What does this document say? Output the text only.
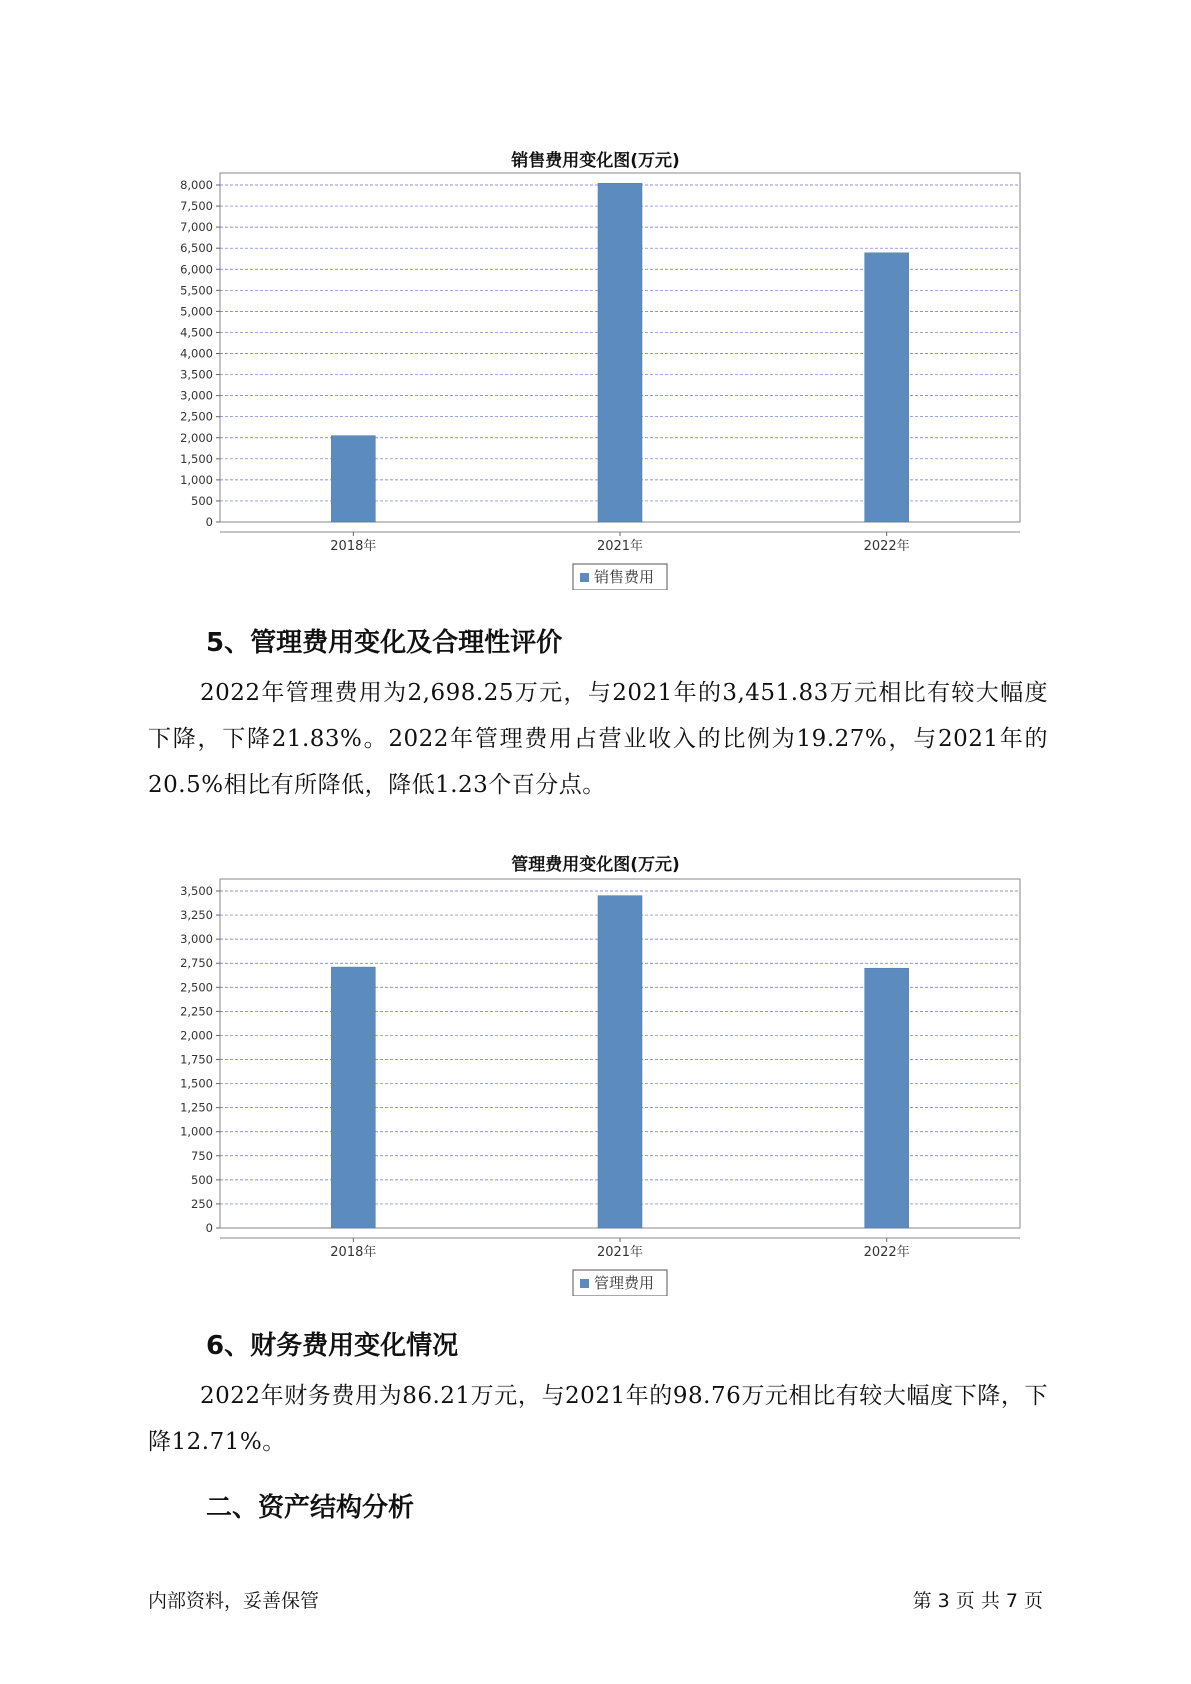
销售费用变化图(万元)
0
500
1,000
1,500
2,000
2,500
3,000
3,500
4,000
4,500
5,000
5,500
6,000
6,500
7,000
7,500
8,000
2018年	2021年	2022年
销售费用
5、管理费用变化及合理性评价
2022年管理费用为2,698.25万元，与2021年的3,451.83万元相比有较大幅度下降，下降21.83%。2022年管理费用占营业收入的比例为19.27%，与2021年的20.5%相比有所降低，降低1.23个百分点。
管理费用变化图(万元)
0
250
500
750
1,000
1,250
1,500
1,750
2,000
2,250
2,500
2,750
3,000
3,250
3,500
2018年	2021年	2022年
管理费用
6、财务费用变化情况
2022年财务费用为86.21万元，与2021年的98.76万元相比有较大幅度下降，下降12.71%。
二、资产结构分析
内部资料，妥善保管	第 3 页 共 7 页
